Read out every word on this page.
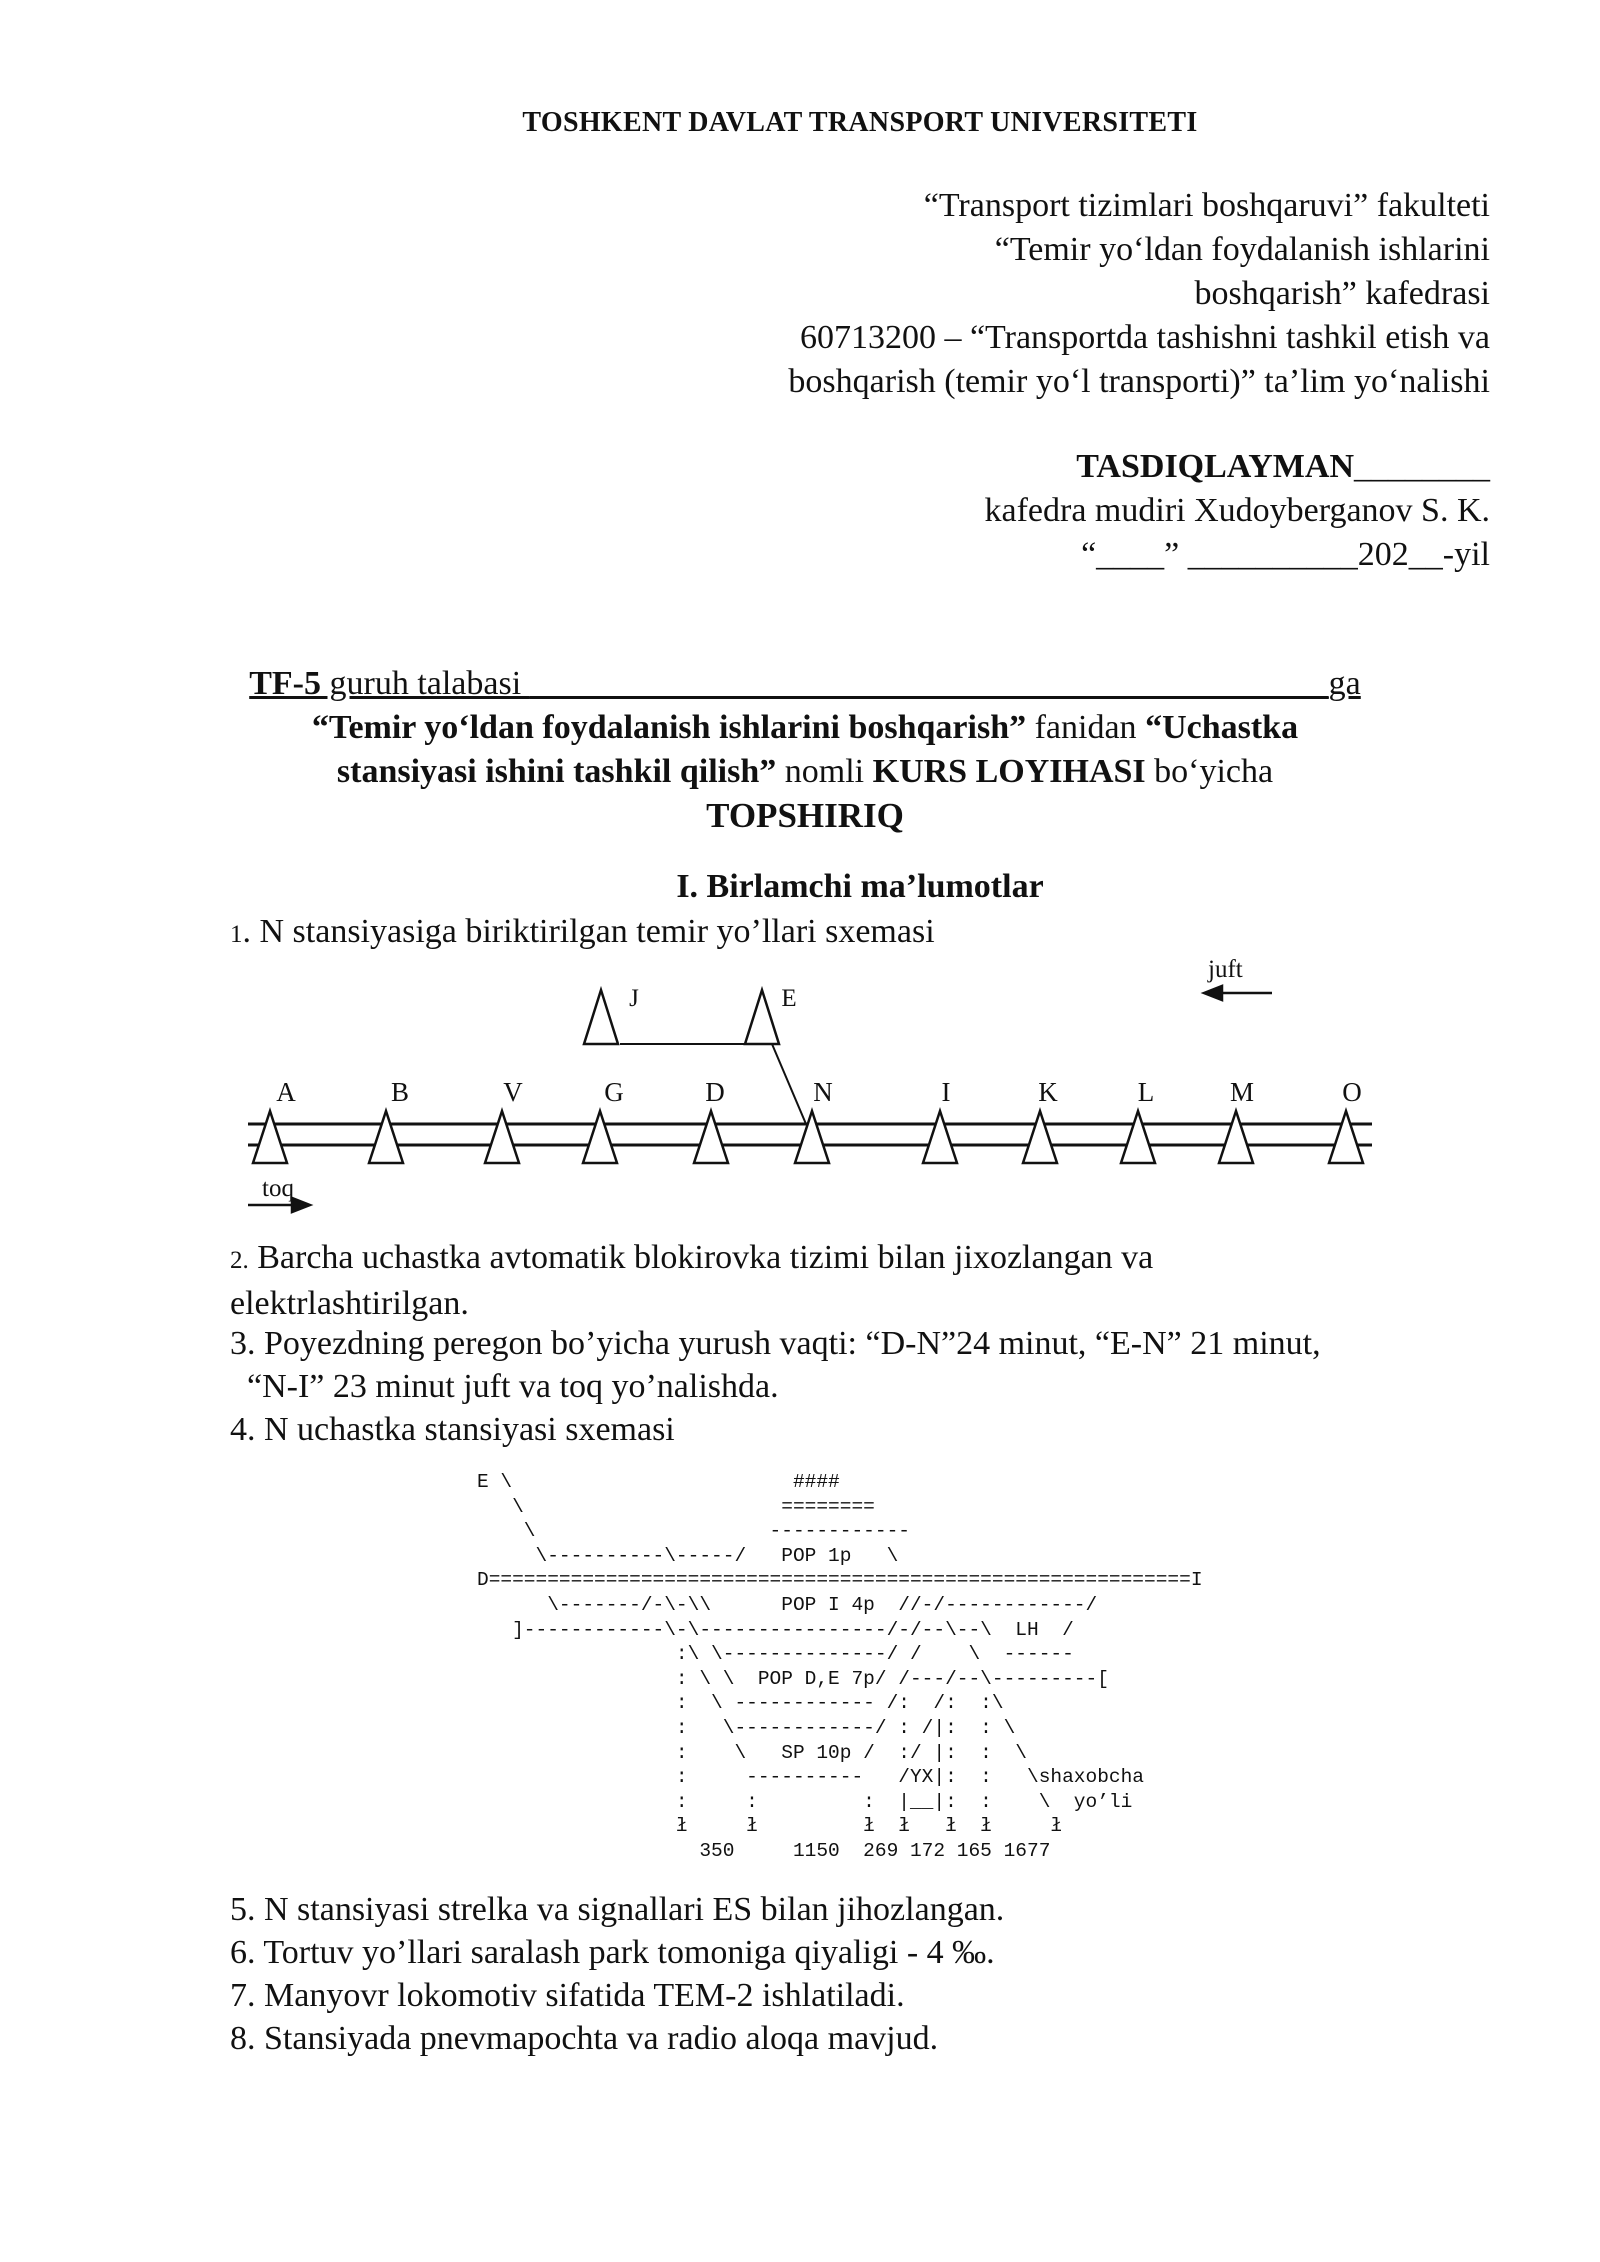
TOSHKENT DAVLAT TRANSPORT UNIVERSITETI
“Transport tizimlari boshqaruvi” fakulteti
“Temir yo‘ldan foydalanish ishlarini
boshqarish” kafedrasi
60713200 – “Transportda tashishni tashkil etish va
boshqarish (temir yo‘l transporti)” ta’lim yo‘nalishi
TASDIQLAYMAN________
kafedra mudiri Xudoyberganov S. K.
“____” __________202__-yil
TF-5 guruh talabasi _______________________________________________ga
“Temir yo‘ldan foydalanish ishlarini boshqarish” fanidan “Uchastka
stansiyasi ishini tashkil qilish” nomli KURS LOYIHASI bo‘yicha
TOPSHIRIQ
I. Birlamchi ma’lumotlar
1. N stansiyasiga biriktirilgan temir yo’llari sxemasi
A	B	V	G	D	N	I	K	L	M	O
J	E
juft
toq
2. Barcha uchastka avtomatik blokirovka tizimi bilan jixozlangan va
elektrlashtirilgan.
3. Poyezdning peregon bo’yicha yurush vaqti: “D-N”24 minut, “E-N” 21 minut,
“N-I” 23 minut juft va toq yo’nalishda.
4. N uchastka stansiyasi sxemasi
E \                        ####
\                      ========
\                    ------------
\----------\-----/   POP 1p   \
D============================================================I
\-------/-\-\\      POP I 4p  //-/------------/
]------------\-\----------------/-/--\--\  LH  /
:\ \--------------/ /    \  ------
: \ \  POP D,E 7p/ /---/--\---------[
:  \ ------------ /:  /:  :\
:   \------------/ : /|:  : \
:    \   SP 10p /  :/ |:  :  \
:     ----------   /YX|:  :   \shaxobcha
:     :         :  |__|:  :    \  yo’li
ł     ł         ł  ł   ł  ł     ł
350     1150  269 172 165 1677
5. N stansiyasi strelka va signallari ES bilan jihozlangan.
6. Tortuv yo’llari saralash park tomoniga qiyaligi - 4 ‰.
7. Manyovr lokomotiv sifatida TEM-2 ishlatiladi.
8. Stansiyada pnevmapochta va radio aloqa mavjud.
